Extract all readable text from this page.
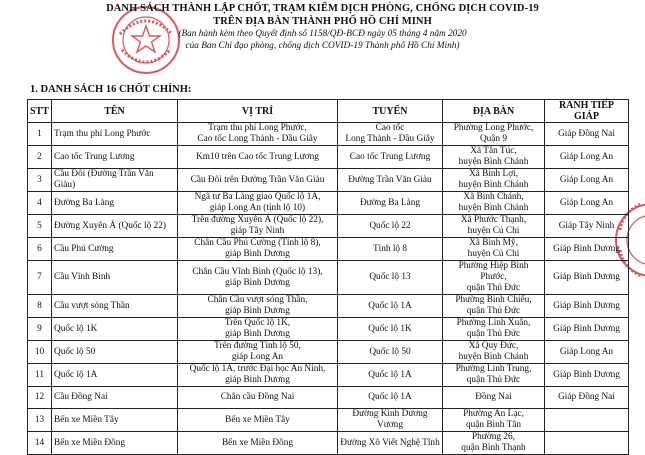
DANH SÁCH THÀNH LẬP CHỐT, TRẠM KIỂM DỊCH PHÒNG, CHỐNG DỊCH COVID-19
TRÊN ĐỊA BÀN THÀNH PHỐ HỒ CHÍ MINH
(Ban hành kèm theo Quyết định số 1158/QĐ-BCĐ ngày 05 tháng 4 năm 2020
của Ban Chỉ đạo phòng, chống dịch COVID-19 Thành phố Hồ Chí Minh)
1. DANH SÁCH 16 CHỐT CHÍNH:
STT	TÊN	VỊ TRÍ	TUYẾN	ĐỊA BÀN	RANH TIẾP GIÁP
1	Trạm thu phí Long Phước	Trạm thu phí Long Phước,
Cao tốc Long Thành - Dầu Giây	Cao tốc
Long Thành - Dầu Giây	Phường Long Phước,
Quận 9	Giáp Đồng Nai
2	Cao tốc Trung Lương	Km10 trên Cao tốc Trung Lương	Cao tốc Trung Lương	Xã Tân Túc,
huyện Bình Chánh	Giáp Long An
3	Cầu Đôi (Đường Trần Văn Giàu)	Cầu Đôi trên Đường Trần Văn Giàu	Đường Trần Văn Giàu	Xã Bình Lợi,
huyện Bình Chánh	Giáp Long An
4	Đường Ba Làng	Ngã tư Ba Làng giao Quốc lộ 1A,
giáp Long An (tỉnh lộ 10)	Đường Ba Làng	Xã Bình Chánh,
huyện Bình Chánh	Giáp Long An
5	Đường Xuyên Á (Quốc lộ 22)	Trên đường Xuyên Á (Quốc lộ 22),
giáp Tây Ninh	Quốc lộ 22	Xã Phước Thạnh,
huyện Củ Chi	Giáp Tây Ninh
6	Cầu Phú Cường	Chân Cầu Phú Cường (Tỉnh lộ 8),
giáp Bình Dương	Tỉnh lộ 8	Xã Bình Mỹ,
huyện Củ Chi	Giáp Bình Dương
7	Cầu Vĩnh Bình	Chân Cầu Vĩnh Bình (Quốc lộ 13),
giáp Bình Dương	Quốc lộ 13	Phường Hiệp Bình Phước,
quận Thủ Đức	Giáp Bình Dương
8	Cầu vượt sóng Thần	Chân Cầu vượt sóng Thần,
giáp Bình Dương	Quốc lộ 1A	Phường Bình Chiểu,
quận Thủ Đức	Giáp Bình Dương
9	Quốc lộ 1K	Trên Quốc lộ 1K,
giáp Bình Dương	Quốc lộ 1K	Phường Linh Xuân,
quận Thủ Đức	Giáp Bình Dương
10	Quốc lộ 50	Trên đường Tỉnh lộ 50,
giáp Long An	Quốc lộ 50	Xã Quy Đức,
huyện Bình Chánh	Giáp Long An
11	Quốc lộ 1A	Quốc lộ 1A, trước Đại học An Ninh,
giáp Bình Dương	Quốc lộ 1A	Phường Linh Trung,
quận Thủ Đức	Giáp Bình Dương
12	Cầu Đồng Nai	Chân cầu Đồng Nai	Quốc lộ 1A	Đồng Nai	Giáp Đồng Nai
13	Bến xe Miền Tây	Bến xe Miền Tây	Đường Kinh Dương Vương	Phường An Lạc,
quận Bình Tân	
14	Bến xe Miền Đông	Bến xe Miền Đông	Đường Xô Viết Nghệ Tĩnh	Phường 26,
quận Bình Thạnh	
